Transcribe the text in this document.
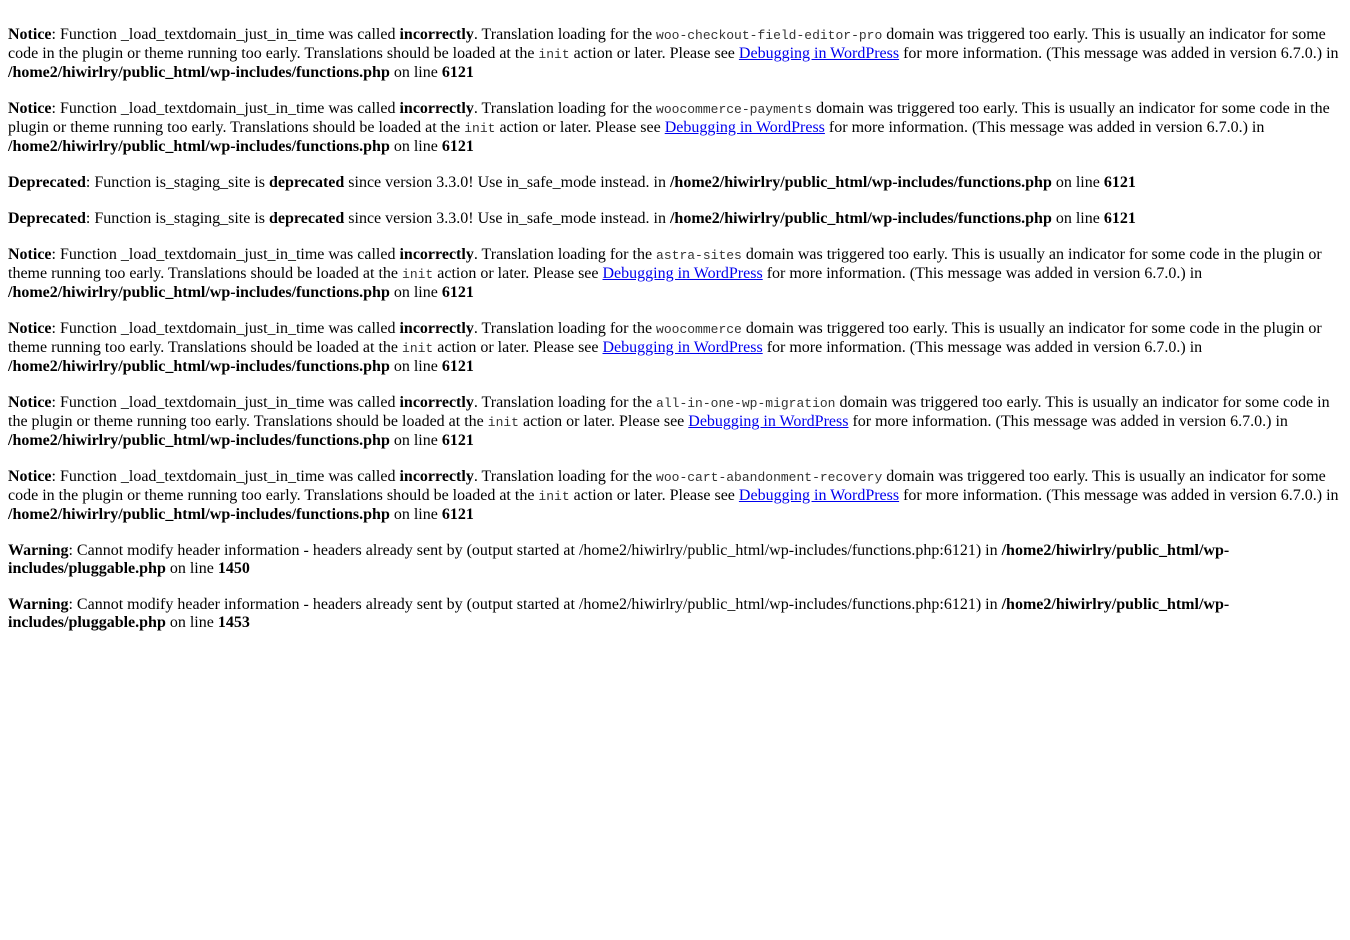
Notice: Function _load_textdomain_just_in_time was called incorrectly. Translation loading for the woo-checkout-field-editor-pro domain was triggered too early. This is usually an indicator for some code in the plugin or theme running too early. Translations should be loaded at the init action or later. Please see Debugging in WordPress for more information. (This message was added in version 6.7.0.) in /home2/hiwirlry/public_html/wp-includes/functions.php on line 6121

Notice: Function _load_textdomain_just_in_time was called incorrectly. Translation loading for the woocommerce-payments domain was triggered too early. This is usually an indicator for some code in the plugin or theme running too early. Translations should be loaded at the init action or later. Please see Debugging in WordPress for more information. (This message was added in version 6.7.0.) in /home2/hiwirlry/public_html/wp-includes/functions.php on line 6121

Deprecated: Function is_staging_site is deprecated since version 3.3.0! Use in_safe_mode instead. in /home2/hiwirlry/public_html/wp-includes/functions.php on line 6121

Deprecated: Function is_staging_site is deprecated since version 3.3.0! Use in_safe_mode instead. in /home2/hiwirlry/public_html/wp-includes/functions.php on line 6121

Notice: Function _load_textdomain_just_in_time was called incorrectly. Translation loading for the astra-sites domain was triggered too early. This is usually an indicator for some code in the plugin or theme running too early. Translations should be loaded at the init action or later. Please see Debugging in WordPress for more information. (This message was added in version 6.7.0.) in /home2/hiwirlry/public_html/wp-includes/functions.php on line 6121

Notice: Function _load_textdomain_just_in_time was called incorrectly. Translation loading for the woocommerce domain was triggered too early. This is usually an indicator for some code in the plugin or theme running too early. Translations should be loaded at the init action or later. Please see Debugging in WordPress for more information. (This message was added in version 6.7.0.) in /home2/hiwirlry/public_html/wp-includes/functions.php on line 6121

Notice: Function _load_textdomain_just_in_time was called incorrectly. Translation loading for the all-in-one-wp-migration domain was triggered too early. This is usually an indicator for some code in the plugin or theme running too early. Translations should be loaded at the init action or later. Please see Debugging in WordPress for more information. (This message was added in version 6.7.0.) in /home2/hiwirlry/public_html/wp-includes/functions.php on line 6121

Notice: Function _load_textdomain_just_in_time was called incorrectly. Translation loading for the woo-cart-abandonment-recovery domain was triggered too early. This is usually an indicator for some code in the plugin or theme running too early. Translations should be loaded at the init action or later. Please see Debugging in WordPress for more information. (This message was added in version 6.7.0.) in /home2/hiwirlry/public_html/wp-includes/functions.php on line 6121

Warning: Cannot modify header information - headers already sent by (output started at /home2/hiwirlry/public_html/wp-includes/functions.php:6121) in /home2/hiwirlry/public_html/wp-includes/pluggable.php on line 1450

Warning: Cannot modify header information - headers already sent by (output started at /home2/hiwirlry/public_html/wp-includes/functions.php:6121) in /home2/hiwirlry/public_html/wp-includes/pluggable.php on line 1453
